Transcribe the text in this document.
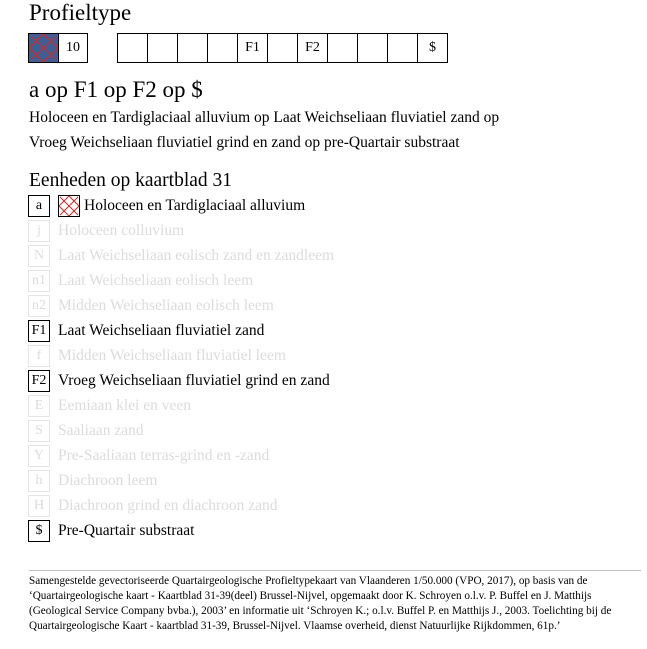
Profieltype
10	F1	F2	$
a op F1 op F2 op $
Holoceen en Tardiglaciaal alluvium op Laat Weichseliaan fluviatiel zand op
Vroeg Weichseliaan fluviatiel grind en zand op pre-Quartair substraat
Eenheden op kaartblad 31
a	Holoceen en Tardiglaciaal alluvium
j	Holoceen colluvium
N Laat Weichseliaan eolisch zand en zandleem
n1 Laat Weichseliaan eolisch leem
n2 Midden Weichseliaan eolisch leem
F1 Laat Weichseliaan fluviatiel zand
f	Midden Weichseliaan fluviatiel leem
F2 Vroeg Weichseliaan fluviatiel grind en zand
E Eemiaan klei en veen
S Saaliaan zand
Y Pre-Saaliaan terras-grind en -zand
h	Diachroon leem
H Diachroon grind en diachroon zand
$	Pre-Quartair substraat
Samengestelde gevectoriseerde Quartairgeologische Profieltypekaart van Vlaanderen 1/50.000 (VPO, 2017), op basis van de ‘Quartairgeologische kaart - Kaartblad 31-39(deel) Brussel-Nijvel, opgemaakt door K. Schroyen o.l.v. P. Buffel en J. Matthijs (Geological Service Company bvba.), 2003’ en informatie uit ‘Schroyen K.; o.l.v. Buffel P. en Matthijs J., 2003. Toelichting bij de Quartairgeologische Kaart - kaartblad 31-39, Brussel-Nijvel. Vlaamse overheid, dienst Natuurlijke Rijkdommen, 61p.’
